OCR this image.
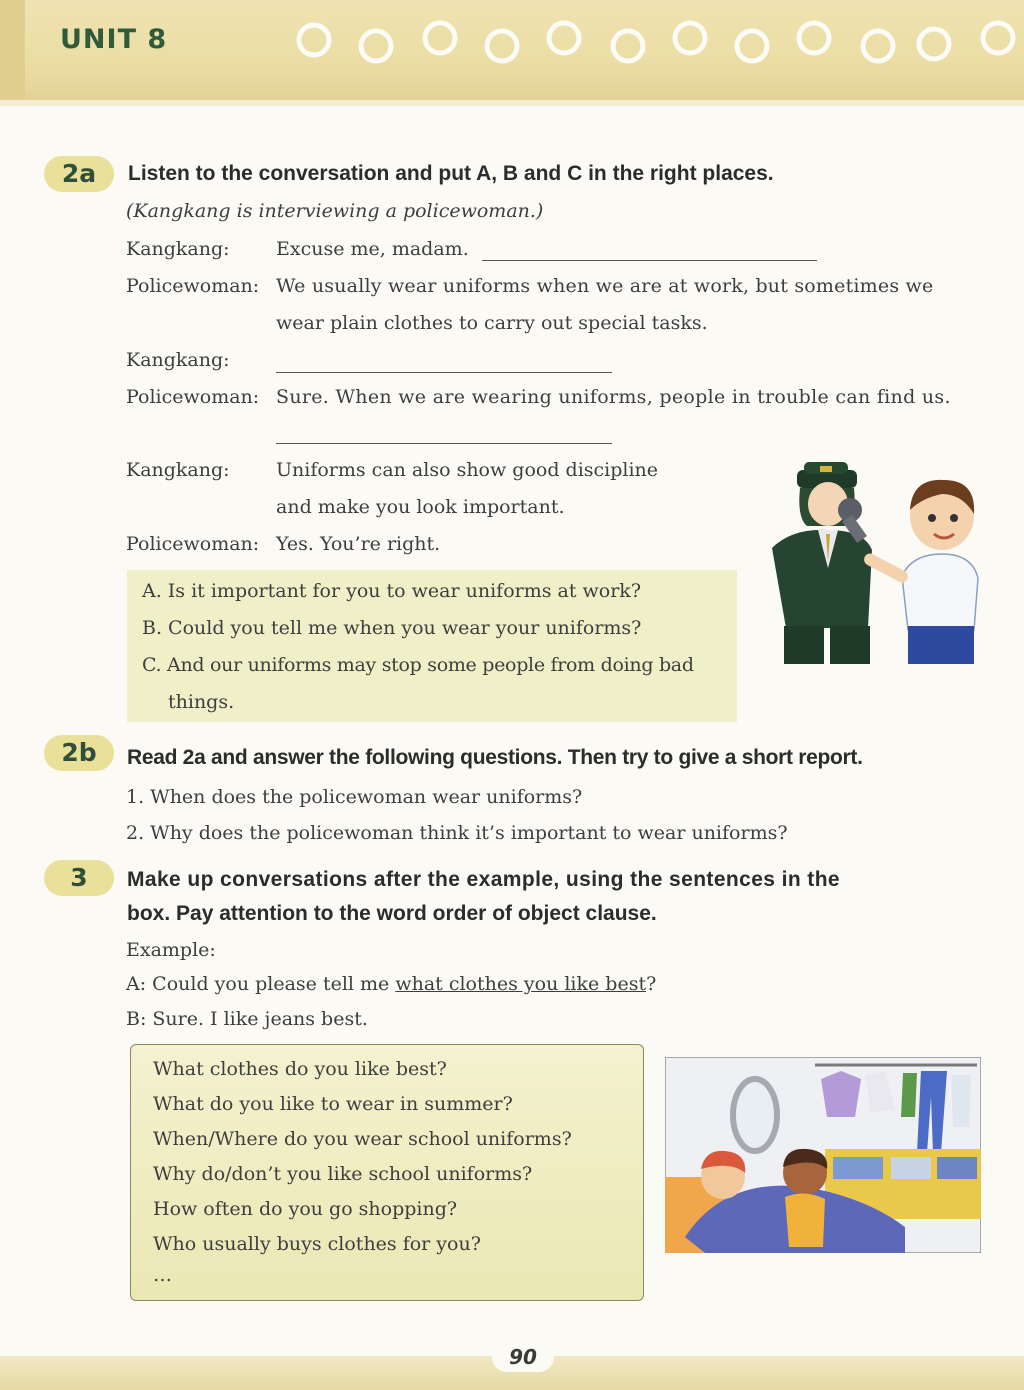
UNIT 8
2a	Listen to the conversation and put A, B and C in the right places.
(Kangkang is interviewing a policewoman.)
Kangkang:	Excuse me, madam.
Policewoman: We usually wear uniforms when we are at work, but sometimes we
wear plain clothes to carry out special tasks.
Kangkang:
Policewoman: Sure. When we are wearing uniforms, people in trouble can find us.
Kangkang:	Uniforms can also show good discipline
and make you look important.
Policewoman: Yes. You’re right.
A. Is it important for you to wear uniforms at work?
B. Could you tell me when you wear your uniforms?
C. And our uniforms may stop some people from doing bad
things.
2b	Read 2a and answer the following questions. Then try to give a short report.
1. When does the policewoman wear uniforms?
2. Why does the policewoman think it’s important to wear uniforms?
3	Make up conversations after the example, using the sentences in the
box. Pay attention to the word order of object clause.
Example:
A: Could you please tell me what clothes you like best?
B: Sure. I like jeans best.
What clothes do you like best?
What do you like to wear in summer?
When/Where do you wear school uniforms?
Why do/don’t you like school uniforms?
How often do you go shopping?
Who usually buys clothes for you?
…
90
